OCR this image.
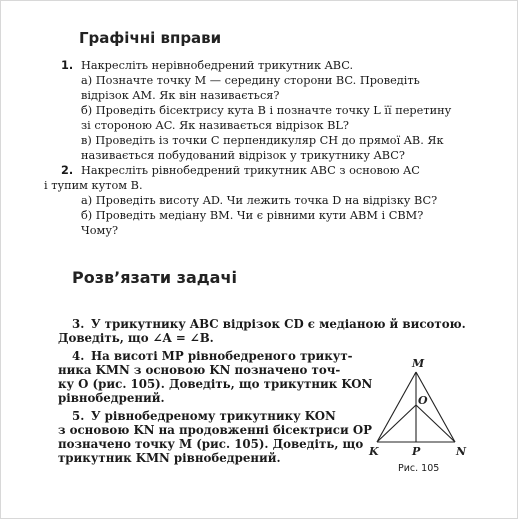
Графічні вправи
1. Накресліть нерівнобедрений трикутник ABC.
а) Позначте точку M — середину сторони BC. Проведіть
відрізок AM. Як він називається?
б) Проведіть бісектрису кута B і позначте точку L її перетину
зі стороною AC. Як називається відрізок BL?
в) Проведіть із точки C перпендикуляр CH до прямої AB. Як
називається побудований відрізок у трикутнику ABC?
2. Накресліть рівнобедрений трикутник ABC з основою AC
і тупим кутом B.
а) Проведіть висоту AD. Чи лежить точка D на відрізку BC?
б) Проведіть медіану BM. Чи є рівними кути ABM і CBM?
Чому?
Розв’язати задачі
3. У трикутнику ABC відрізок CD є медіаною й висотою.
Доведіть, що ∠A = ∠B.
4. На висоті MP рівнобедреного трикут-
ника KMN з основою KN позначено точ-
ку O (рис. 105). Доведіть, що трикутник KON
рівнобедрений.
5. У рівнобедреному трикутнику KON
з основою KN на продовженні бісектриси OP
позначено точку M (рис. 105). Доведіть, що
трикутник KMN рівнобедрений.
M
O
K	P	N
Рис. 105
